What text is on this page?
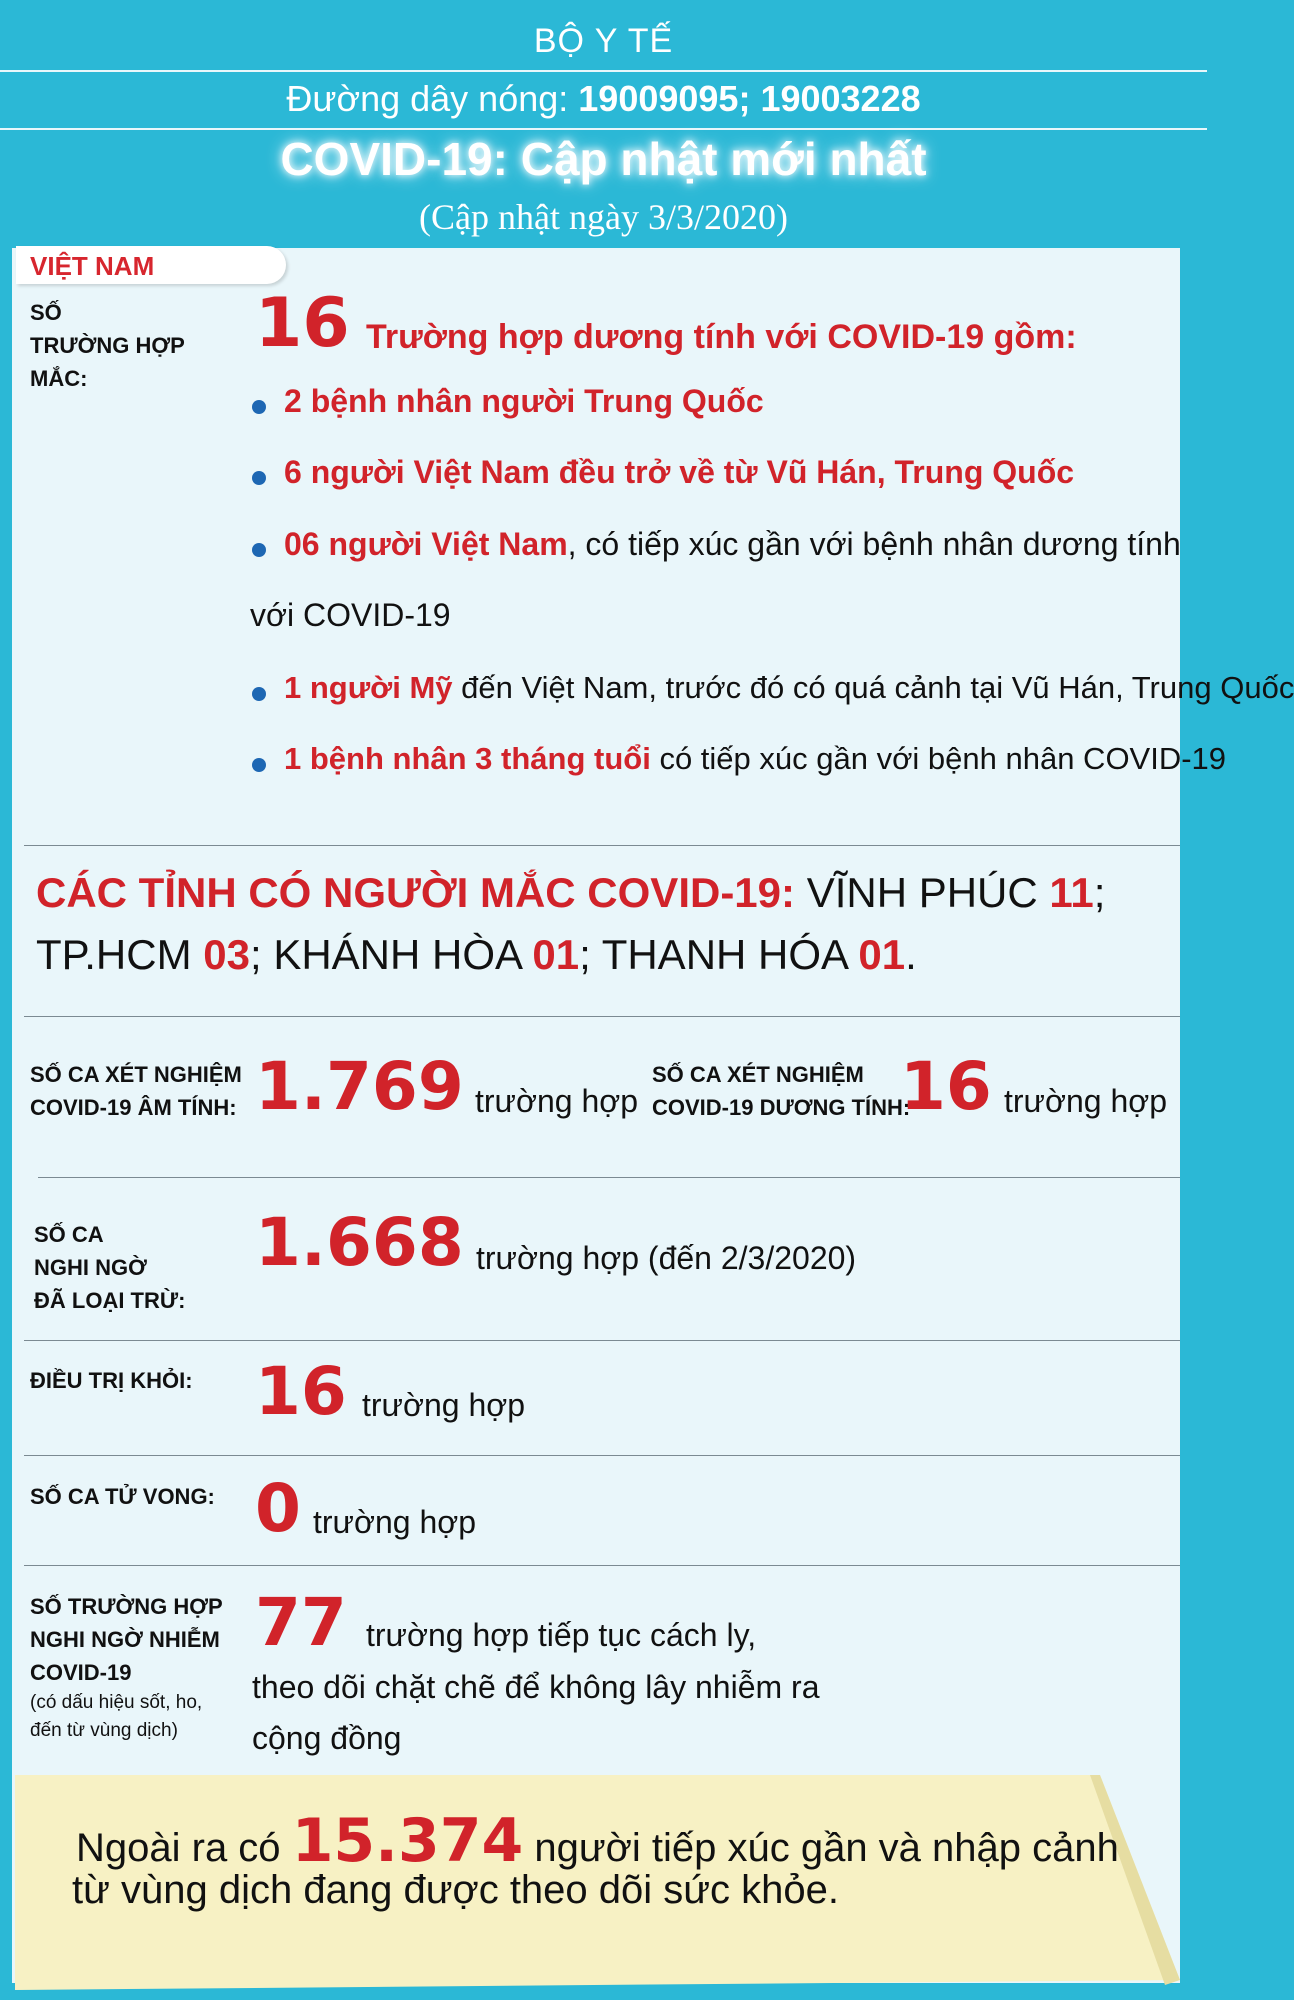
BỘ Y TẾ
Đường dây nóng: 19009095; 19003228
COVID-19: Cập nhật mới nhất
(Cập nhật ngày 3/3/2020)
VIỆT NAM
SỐ
TRƯỜNG HỢP
MẮC:
16 Trường hợp dương tính với COVID-19 gồm:
2 bệnh nhân người Trung Quốc
6 người Việt Nam đều trở về từ Vũ Hán, Trung Quốc
06 người Việt Nam, có tiếp xúc gần với bệnh nhân dương tính
với COVID-19
1 người Mỹ đến Việt Nam, trước đó có quá cảnh tại Vũ Hán, Trung Quốc
1 bệnh nhân 3 tháng tuổi có tiếp xúc gần với bệnh nhân COVID-19
CÁC TỈNH CÓ NGƯỜI MẮC COVID-19: VĨNH PHÚC 11; TP.HCM 03; KHÁNH HÒA 01; THANH HÓA 01.
SỐ CA XÉT NGHIỆM
COVID-19 ÂM TÍNH: 1.769 trường hợp
SỐ CA XÉT NGHIỆM
COVID-19 DƯƠNG TÍNH:
16 trường hợp
SỐ CA
NGHI NGỜ
ĐÃ LOẠI TRỪ:
1.668 trường hợp (đến 2/3/2020)
ĐIỀU TRỊ KHỎI: 16 trường hợp
SỐ CA TỬ VONG: 0 trường hợp
SỐ TRƯỜNG HỢP
NGHI NGỜ NHIỄM
COVID-19
(có dấu hiệu sốt, ho,
đến từ vùng dịch)
77 trường hợp tiếp tục cách ly,
theo dõi chặt chẽ để không lây nhiễm ra
cộng đồng
Ngoài ra có 15.374 người tiếp xúc gần và nhập cảnh
từ vùng dịch đang được theo dõi sức khỏe.
